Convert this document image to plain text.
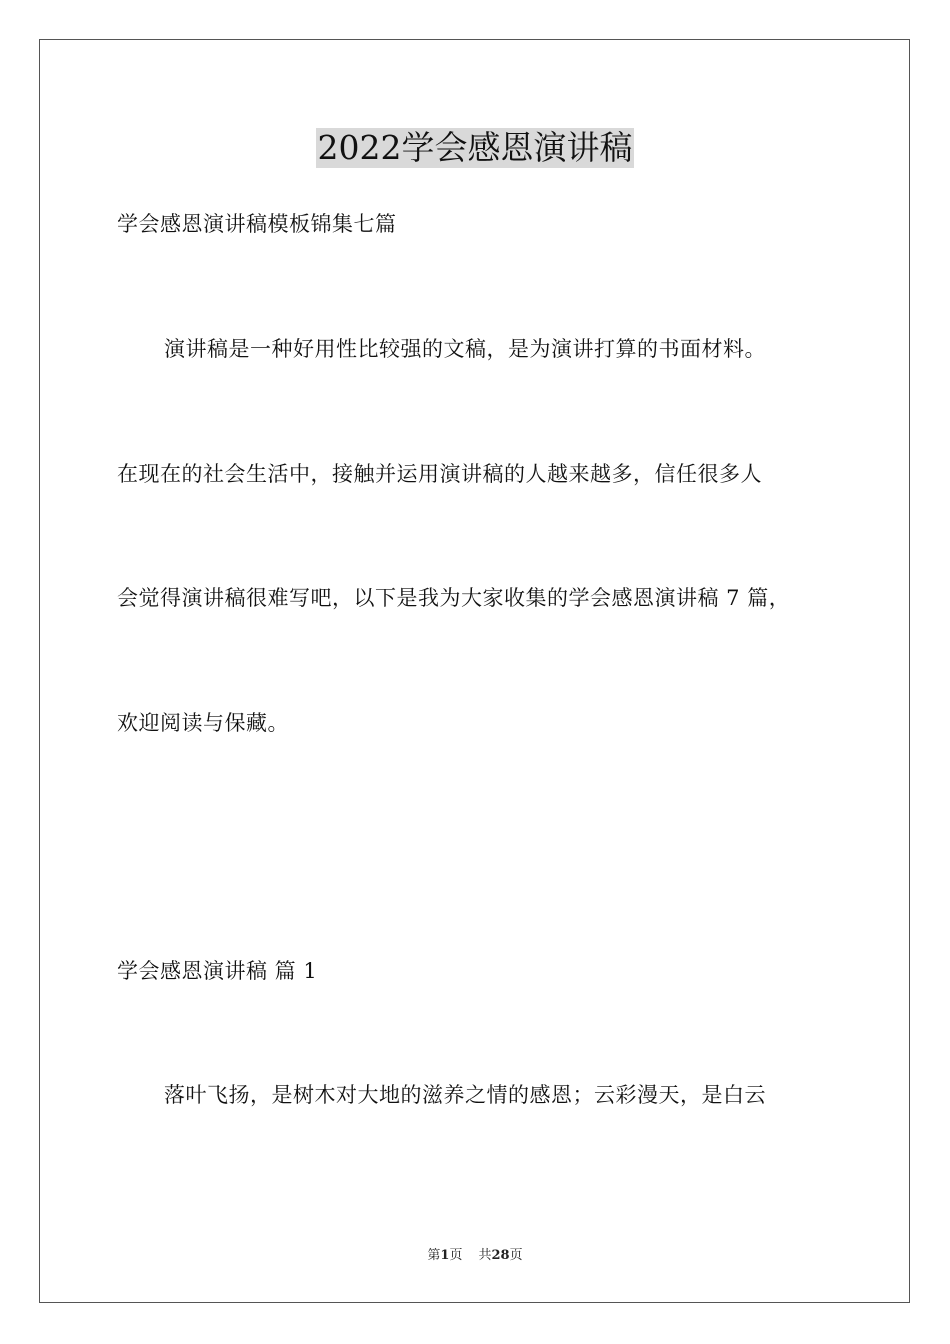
2022学会感恩演讲稿
学会感恩演讲稿模板锦集七篇
演讲稿是一种好用性比较强的文稿，是为演讲打算的书面材料。
在现在的社会生活中，接触并运用演讲稿的人越来越多，信任很多人
会觉得演讲稿很难写吧，以下是我为大家收集的学会感恩演讲稿 7 篇，
欢迎阅读与保藏。
学会感恩演讲稿 篇 1
落叶飞扬，是树木对大地的滋养之情的感恩；云彩漫天，是白云
第1页 共28页
